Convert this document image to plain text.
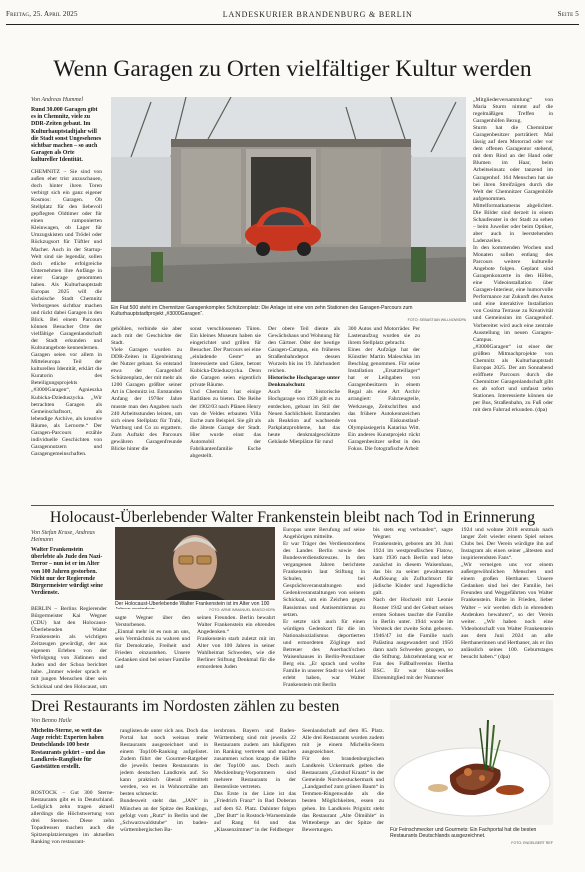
Freitag, 25. April 2025	LANDESKURIER BRANDENBURG & BERLIN	Seite 5
Wenn Garagen zu Orten vielfältiger Kultur werden
Von Andreas Hummel
Rund 30.000 Garagen gibt es in Chemnitz, viele zu DDR-Zeiten gebaut. Im Kulturhauptstadtjahr will die Stadt sonst Ungesehenes sichtbar machen – so auch Garagen als Orte kultureller Identität.
CHEMNITZ – Sie sind von außen eher trist anzuschauen, doch hinter ihren Toren verbirgt sich ein ganz eigener Kosmos: Garagen. Ob Stellplatz für den liebevoll gepflegten Oldtimer oder für einen ramponierten Kleinwagen, ob Lager für Umzugskisten und Trödel oder Rückzugsort für Tüftler und Macher. Auch in der Startup-Welt sind sie legendär, sollen doch etliche erfolgreiche Unternehmen ihre Anfänge in einer Garage genommen haben. Als Kulturhauptstadt Europas 2025 will die sächsische Stadt Chemnitz Verborgenes sichtbar machen und rückt dabei Garagen in den Blick. Bei einem Parcours können Besucher Orte der vielfältige Garagenlandschaft der Stadt erkunden und Kulturangebote kennenlernen.
Garagen seien vor allem in Mitteleuropa Teil der kulturellen Identität, erklärt die Kuratorin des Beteiligungsprojekts „#3000Garagen“, Agnieszka Kubicka-Dzieduszycka. „Wir betrachten Garagen als Gemeinschaftsort, als lebendige Archive, als kreative Räume, als Lernorte.“ Der Garagen-Parcours erzähle individuelle Geschichten von Garagennutzern und Garagengemeinschaften.
Ein Fiat 500 steht im Chemnitzer Garagenkomplex Schützenplatz: Die Anlage ist eine von zehn Stationen des Garagen-Parcours zum Kulturhauptstadtprojekt „#3000Garagen“.
FOTO: SEBASTIAN WILLNOW/DPA
gehöhlen, verbinde sie aber auch mit der Geschichte der Stadt.
Viele Garagen wurden zu DDR-Zeiten in Eigenleistung der Nutzer gebaut. So entstand etwa der Garagenhof Schützenplatz, der mit mehr als 1200 Garagen größter seiner Art in Chemnitz ist. Entstanden Anfang der 1970er Jahre musste man den Angaben nach 240 Arbeitsstunden leisten, um sich einen Stellplatz für Trabi, Wartburg und Co zu ergattern. Zum Auftakt des Parcours gewähren Garagenfreunde Blicke hinter die
sonst verschlossenen Türen. Ein kleines Museum haben sie eingerichtet und grillen für Besucher. Der Parcours sei eine „einladende Geste“ an Interessierte und Gäste, betont Kubicka-Dzieduszycka. Denn die Garagen seien eigentlich private Räume.
Und Chemnitz hat einige Raritäten zu bieten. Die Reihe der 1902/03 nach Plänen Henry van de Veldes erbauten Villa Esche zum Beispiel. Sie gilt als die älteste Garage der Stadt. Hier wurde einst das Automobil der Fabrikantenfamilie Esche abgestellt.
Der obere Teil diente als Gewächshaus und Wohnung für den Gärtner. Oder der heutige Garagen-Campus, ein früheres Straßenbahndepot dessen Wurzeln bis ins 19. Jahrhundert reichen.
Historische Hochgarage unter Denkmalschutz
Auch die historische Hochgarage von 1928 gilt es zu entdecken, gebaut im Stil der Neuen Sachlichkeit. Entstanden als Reaktion auf wachsende Parkplatzprobleme, hat das heute denkmalgeschützte Gebäude Mietplätze für rund
300 Autos und Motorräder. Per Lastenaufzug wurden sie zu ihrem Stellplatz gebracht.
Eines der Aufzüge hat der Künstler Martin Maleschka im Beschlag genommen. Für seine Installation „Ersatzteillager“ hat er Leihgaben von Garagenbesitzern in einem Regal als eine Art Archiv arrangiert: Fahrzeugteile, Werkzeuge, Zeitschriften und das frühere Autokennzeichen von Eiskunstlauf-Olympiasiegerin Katarina Witt. Ein anderes Kunstprojekt rückt Garagenbesitzer selbst in den Fokus. Die fotografische Arbeit
„Mitgliederversammlung“ von Maria Sturm nimmt auf die regelmäßigen Treffen in Garagenhöfen Bezug.
Sturm hat die Chemnitzer Garagenbesitzer porträtiert: Mal lässig auf dem Motorrad oder vor dem offenen Garagentor stehend, mit dem Rind an der Hand oder Blumen im Haar, beim Arbeitseinsatz oder tanzend im Garagenhof. 164 Menschen hat sie bei ihren Streifzügen durch die Welt der Chemnitzer Garagenhöfe aufgenommen. Mittelformatkameras abgelichtet. Die Bilder sind derzeit in einem Schaufenster in der Stadt zu sehen – beim Juwelier oder beim Optiker, aber auch in leerstehenden Ladenzeilen.
In den kommenden Wochen und Monaten sollen entlang des Parcours weitere kulturelle Angebote folgen. Geplant sind Garagenkonzerte in den Höfen, eine Videoinstallation über Garagen-Interieur, eine humorvolle Performance zur Zukunft des Autos und eine interaktive Installation von Cosima Terrasse zu Kreativität und Gemeinsinn im Garagenhof. Vorbereitet wird auch eine zentrale Ausstellung im neuen Garagen-Campus.
„#3000Garagen“ ist einer der größten Mitmachprojekte von Chemnitz als Kulturhauptstadt Europas 2025. Der am Sonnabend eröffnete Parcours durch die Chemnitzer Garagenlandschaft gibt es ab sofort und umfasst zehn Stationen. Interessierte können sie per Bus, Straßenbahn, zu Fuß oder mit dem Fahrrad erkunden. (dpa)
Holocaust-Überlebender Walter Frankenstein bleibt nach Tod in Erinnerung
Von Stefan Kruse, Andreas Heimann
Walter Frankenstein überlebte als Jude den Nazi-Terror – nun ist er im Alter von 100 Jahren gestorben. Nicht nur der Regierende Bürgermeister würdigt seine Verdienste.
BERLIN – Berlins Regierender Bürgermeister Kai Wegner (CDU) hat den Holocaust-Überlebenden Walter Frankenstein als wichtigen Zeitzeugen gewürdigt, der aus eigenem Erleben von der Verfolgung von Jüdinnen und Juden und der Schoa berichtet habe. „Immer wieder sprach er mit jungen Menschen über sein Schicksal und den Holocaust, um
Der Holocaust-Überlebende Walter Frankenstein ist im Alter von 100
FOTO: ARNE IMMANUEL BÄNSCH/DPA
sagte Wegner über den Verstorbenen.
„Einmal mehr ist es nun an uns, sein Vermächtnis zu wahren und für Demokratie, Freiheit und Frieden einzustehen. Unsere Gedanken sind bei seiner Familie und
seinen Freunden. Berlin bewahrt Walter Frankenstein ein ehrendes Angedenken.“
Frankenstein starb zuletzt mit im Alter von 100 Jahren in seiner Wahlheimat Schweden, wie die Berliner Stiftung Denkmal für die ermordeten Juden
Europas unter Berufung auf seine Angehörigen mitteilte.
Er war Träger des Verdienstordens des Landes Berlin sowie des Bundesverdienstkreuzes. In den vergangenen Jahren berichtete Frankenstein laut Stiftung in Schulen, bei Gesprächsveranstaltungen und Gedenkveranstaltungen von seinem Schicksal, um ein Zeichen gegen Rassismus und Antisemitismus zu setzen.
Er setzte sich auch für einen würdigen Gedenkort für die im Nationalsozialismus deportierten und ermordeten Zöglinge und Betreuer des Auerbach'schen Waisenhauses in Berlin-Prenzlauer Berg ein. „Er sprach und wollte Familie in unserer Stadt so viel Leid erlebt haben, war Walter Frankenstein mit Berlin
bis stets eng verbunden“, sagte Wegner.
Frankenstein, geboren am 30. Juni 1924 im westpreußischen Flatow, kam 1936 nach Berlin und lebte zunächst in diesem Waisenhaus, das bis zu seiner gewaltsamen Auflösung als Zufluchtsort für jüdische Kinder und Jugendliche galt.
Nach der Hochzeit mit Leonie Rosner 1942 und der Geburt seines ersten Sohnes tauchte die Familie in Berlin unter. 1944 wurde im Versteck der zweite Sohn geboren. 1946/47 ist die Familie nach Palästina ausgewandert und 1956 dann nach Schweden gezogen, so die Stiftung. Jahrzehntelang war er Fan des Fußballvereins Hertha BSC. Er war blau-weißes Ehrenmitglied mit der Nummer
1924 und wohnte 2018 erstmals nach langer Zeit wieder einem Spiel seines Clubs bei. Der Verein würdigte ihn auf Instagram als einen seiner „ältesten und inspirierendsten Fans“.
„Wir verneigen uns vor einem außergewöhnlichen Menschen und einem großen Herthaner. Unsere Gedanken sind bei der Familie, bei Freunden und Weggefährten von Walter Frankenstein. Ruhe in Frieden, lieber Walter – wir werden dich in ehrendem Andenken bewahren“, so der Verein weiter. „Wir haben noch eine Videobotschaft von Walter Frankenstein aus dem Juni 2024 an alle Herthanerinnen und Herthaner, als er ihn anlässlich seines 100. Geburtstages besucht haben.“ (dpa)
Drei Restaurants im Nordosten zählen zu besten
Von Benno Haile
Michelin-Sterne, so weit das Auge reicht: Experten haben Deutschlands 100 beste Restaurants gekürt – und das Landkreis-Ranglistе für Gaststätten erstellt.
ROSTOCK – Gut 300 Sterne-Restaurants gibt es in Deutschland. Lediglich zehn tragen aktuell allerdings die Höchstwertung von drei Sternen. Diese zehn Topadressen machen auch die Spitzenplatzierungen im aktuellen Ranking von restaurant-
ranglisten.de unter sich aus. Doch das Portal hat noch weitaus mehr Restaurants ausgezeichnet und in einem Top100-Ranking aufgelistet. Zudem führt der Gourmet-Ratgeber die jeweils besten Restaurants in jedem deutschen Landkreis auf. So kann praktisch überall ermittelt werden, wo es in Wohnortnähe am besten schmeckt.
Bundesweit steht das „JAN“ in München an der Spitze des Rankings, gefolgt vom „Rutz“ in Berlin und der „Schwarzwaldstube“ im baden-württembergischen Ba-
iersbronn. Bayern und Baden-Württemberg sind mit jeweils 22 Restaurants zudem am häufigsten im Ranking vertreten und machen zusammen schon knapp die Hälfte der Top100 aus. Doch auch Mecklenburg-Vorpommern sind mehrere Restaurants in der Bestenliste vertreten.
Das Erste in der Liste ist das „Friedrich Franz“ in Bad Doberan auf dem 62. Platz. Dahinter folgen „Der Butt“ in Rostock-Warnemünde auf Rang 64 und das „Klassenzimmer“ in der Feldberger
Seenlandschaft auf dem 85. Platz. Alle drei Restaurants wurden zudem mit je einem Michelin-Stern ausgezeichnet.
Für den brandenburgischen Landkreis Uckermark gelten die Restaurants „Gutshof Kraatz“ in der Gemeinde Nordwestuckermark und „Landgasthof zum grünen Baum“ in Temmen-Ringenwalde als die besten Möglichkeiten, essen zu gehen. Im Landkreis Prignitz steht das Restaurant „Alte Ölmühle“ in Wittenberge an der Spitze der Bewertungen.	Für Feinschmecker und Gourmets: Ein Fachportal hat die besten Restaurants Deutschlands ausgezeichnet.
FOTO: ENGELBERT REF
